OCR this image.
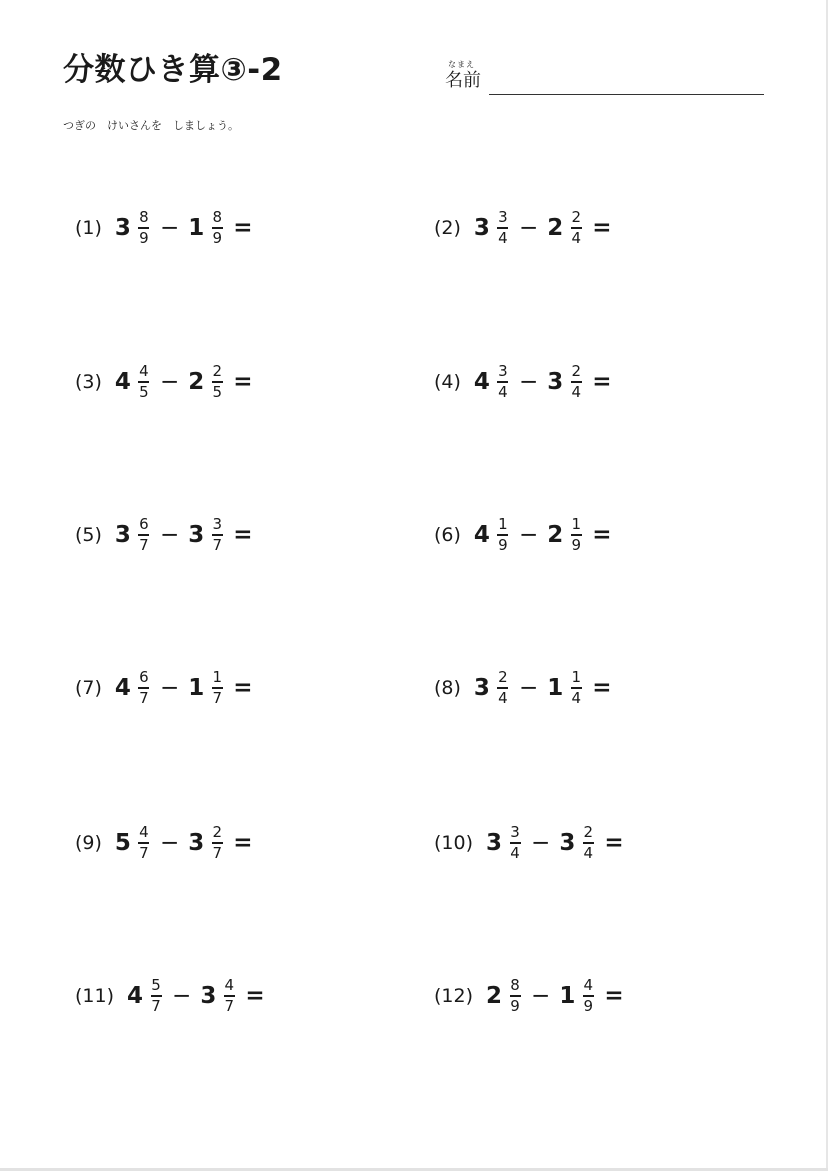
分数ひき算③-2	なまえ
名前
つぎの　けいさんを　しましょう。
(1) $3 \frac{8}{9} - 1 \frac{8}{9}$ =	(2) $3 \frac{3}{4} - 2 \frac{2}{4}$ =
(3) $4 \frac{4}{5} - 2 \frac{2}{5}$ =	(4) $4 \frac{3}{4} - 3 \frac{2}{4}$ =
(5) $3 \frac{6}{7} - 3 \frac{3}{7}$ =	(6) $4 \frac{1}{9} - 2 \frac{1}{9}$ =
(7) $4 \frac{6}{7} - 1 \frac{1}{7}$ =	(8) $3 \frac{2}{4} - 1 \frac{1}{4}$ =
(9) $5 \frac{4}{7} - 3 \frac{2}{7}$ =	(10) $3 \frac{3}{4} - 3 \frac{2}{4}$ =
(11) $4 \frac{5}{7} - 3 \frac{4}{7}$ =	(12) $2 \frac{8}{9} - 1 \frac{4}{9}$ =
